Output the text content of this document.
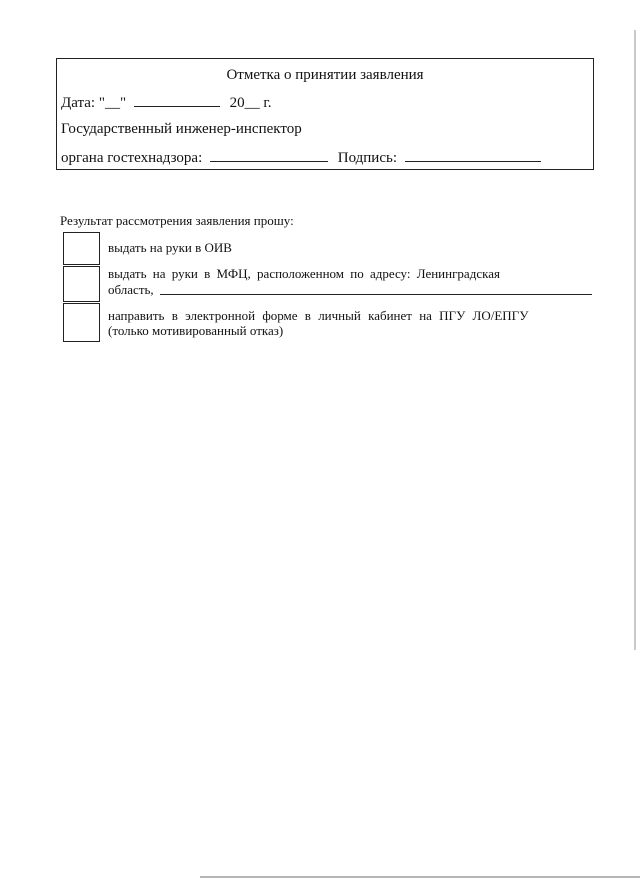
Отметка о принятии заявления
Дата: "__"	20__ г.
Государственный инженер-инспектор
органа гостехнадзора:	Подпись:
Результат рассмотрения заявления прошу:
выдать на руки в ОИВ
выдать на руки в МФЦ, расположенном по адресу: Ленинградская
область,
направить в электронной форме в личный кабинет на ПГУ ЛО/ЕПГУ
(только мотивированный отказ)
